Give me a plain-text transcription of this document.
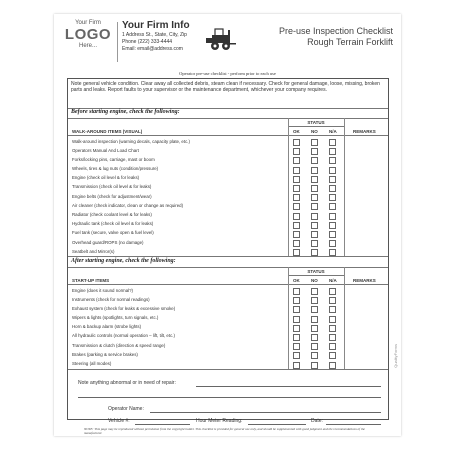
Your Firm
LOGO
Here...
Your Firm Info
1 Address St., State, City, Zip
Phone (222) 333-4444
Email: email@address.com
Pre-use Inspection Checklist
Rough Terrain Forklift
Operator pre-use checklist - perform prior to each use
Note general vehicle condition. Clear away all collected debris, steam clean if necessary. Check for general damage, loose, missing, broken parts and leaks. Report faults to your supervisor or the maintenance department, whichever your company requires.
Before starting engine, check the following:
STATUS
WALK-AROUND ITEMS (VISUAL)	OK	NO	N/A	REMARKS
Walk-around inspection (warning decals, capacity plate, etc.)
Operators Manual And Load Chart
Forks/locking pins, carriage, mast or boom
Wheels, tires & lug nuts (condition/pressure)
Engine (check oil level & for leaks)
Transmission (check oil level & for leaks)
Engine belts (check for adjustment/wear)
Air cleaner (check indicator, clean or change as required)
Radiator (check coolant level & for leaks)
Hydraulic tank (check oil level & for leaks)
Fuel tank (secure, valve open & fuel level)
Overhead guard/ROPS (no damage)
Seatbelt and Mirror(s)
After starting engine, check the following:
STATUS
START-UP ITEMS	OK	NO	N/A	REMARKS
Engine (does it sound normal?)
Instruments (check for normal readings)
Exhaust system (check for leaks & excessive smoke)
Wipers & lights (spotlights, turn signals, etc.)
Horn & backup alarm (strobe lights)
All hydraulic controls (normal operation – lift, tilt, etc.)
Transmission & clutch (direction & speed range)
Brakes (parking & service brakes)
Steering (all modes)
Note anything abnormal or in need of repair:
Operator Name:
Vehicle #:	Hour Meter Reading:	Date:
NOTE: This page may be reproduced without permission from the copyright holder. This checklist is provided for general use only, and should be supplemented with good judgment and the recommendations of the manufacturer.
QualityForms
